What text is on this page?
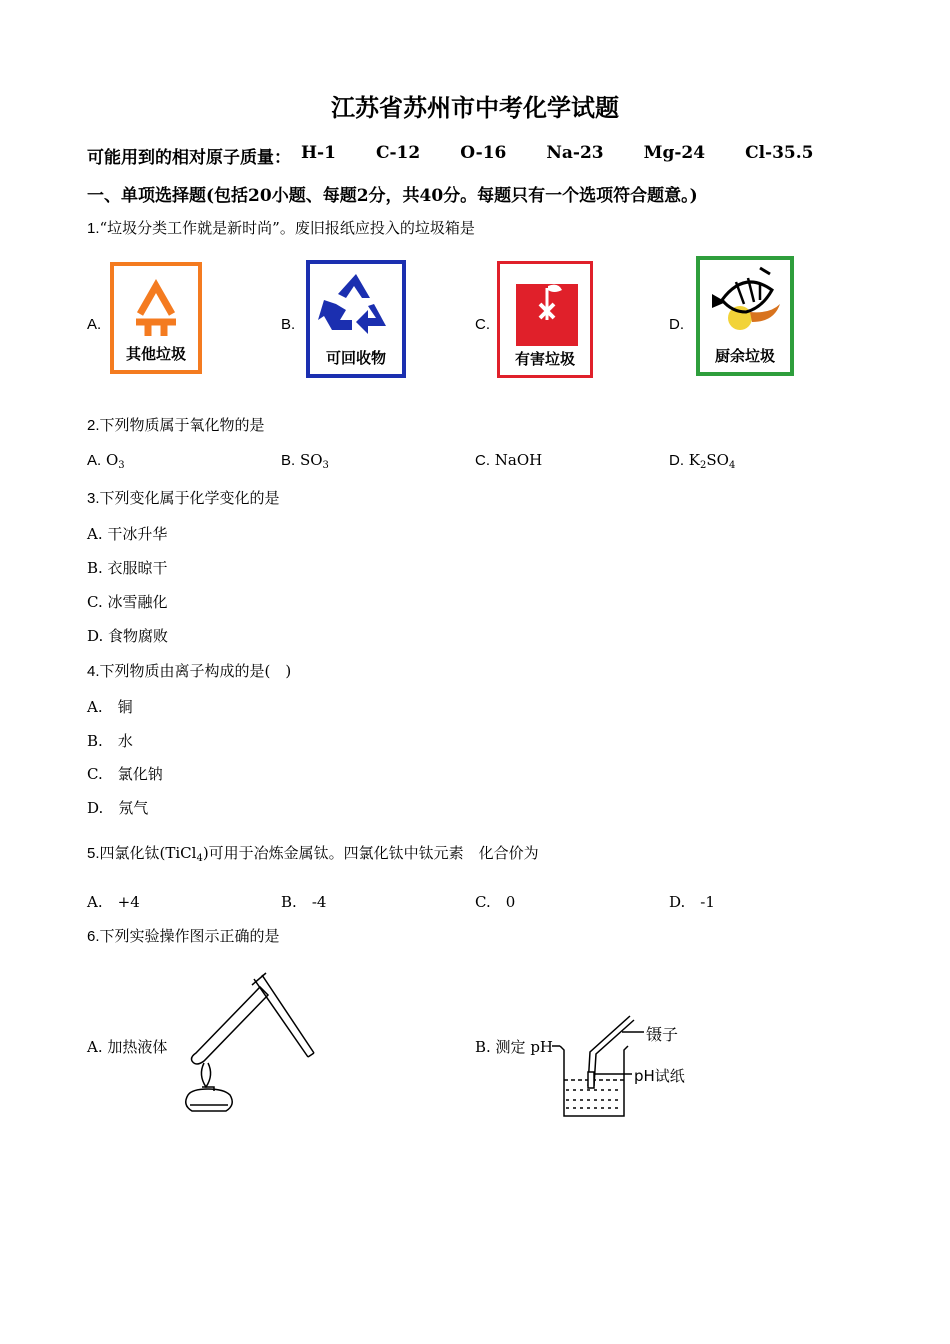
江苏省苏州市中考化学试题
可能用到的相对原子质量： H-1 C-12 O-16 Na-23 Mg-24 Cl-35.5
一、单项选择题(包括20小题、每题2分，共40分。每题只有一个选项符合题意。)
1.“垃圾分类工作就是新时尚”。废旧报纸应投入的垃圾箱是
A.
其他垃圾
B.
可回收物
C.
有害垃圾
D.
厨余垃圾
2.下列物质属于氧化物的是
A. $O_3$	B. $SO_3$	C. NaOH	D. $K_2SO_4$
3.下列变化属于化学变化的是
A. 干冰升华
B. 衣服晾干
C. 冰雪融化
D. 食物腐败
4.下列物质由离子构成的是(　)
A.　 铜
B.　 水
C.　 氯化钠
D.　 氖气
5.四氯化钛(TiCl$_4$)可用于冶炼金属钛。四氯化钛中钛元素　化合价为
A.　 +4	B.　 -4	C.　 0	D.　 -1
6.下列实验操作图示正确的是
A. 加热液体	B. 测定 pH
镊子
pH试纸
